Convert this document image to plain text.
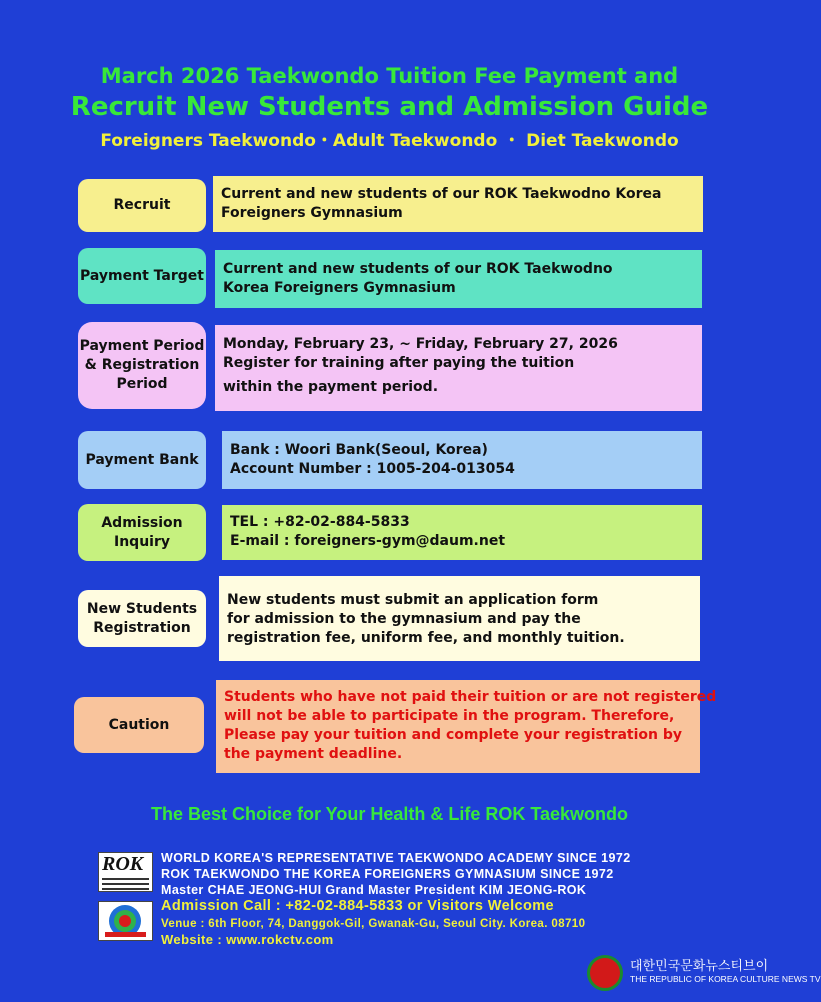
March 2026 Taekwondo Tuition Fee Payment and
Recruit New Students and Admission Guide
Foreigners Taekwondo・Adult Taekwondo ・ Diet Taekwondo
Recruit
Current and new students of our ROK Taekwodno Korea
Foreigners Gymnasium
Payment Target Current and new students of our ROK Taekwodno
Korea Foreigners Gymnasium
Payment Period & Registration Period
Monday, February 23, ~ Friday, February 27, 2026
Register for training after paying the tuition
within the payment period.
Payment Bank
Bank : Woori Bank(Seoul, Korea)
Account Number : 1005-204-013054
Admission Inquiry
TEL : +82-02-884-5833
E-mail : foreigners-gym@daum.net
New Students Registration
New students must submit an application form
for admission to the gymnasium and pay the
registration fee, uniform fee, and monthly tuition.
Caution
Students who have not paid their tuition or are not registered
will not be able to participate in the program. Therefore,
Please pay your tuition and complete your registration by
the payment deadline.
The Best Choice for Your Health & Life ROK Taekwondo
ROK WORLD KOREA'S REPRESENTATIVE TAEKWONDO ACADEMY SINCE 1972
ROK TAEKWONDO THE KOREA FOREIGNERS GYMNASIUM SINCE 1972
Master CHAE JEONG-HUI Grand Master President KIM JEONG-ROK
Admission Call : +82-02-884-5833 or Visitors Welcome
Venue : 6th Floor, 74, Danggok-Gil, Gwanak-Gu, Seoul City. Korea. 08710
Website : www.rokctv.com
대한민국문화뉴스티브이
THE REPUBLIC OF KOREA CULTURE NEWS TV
